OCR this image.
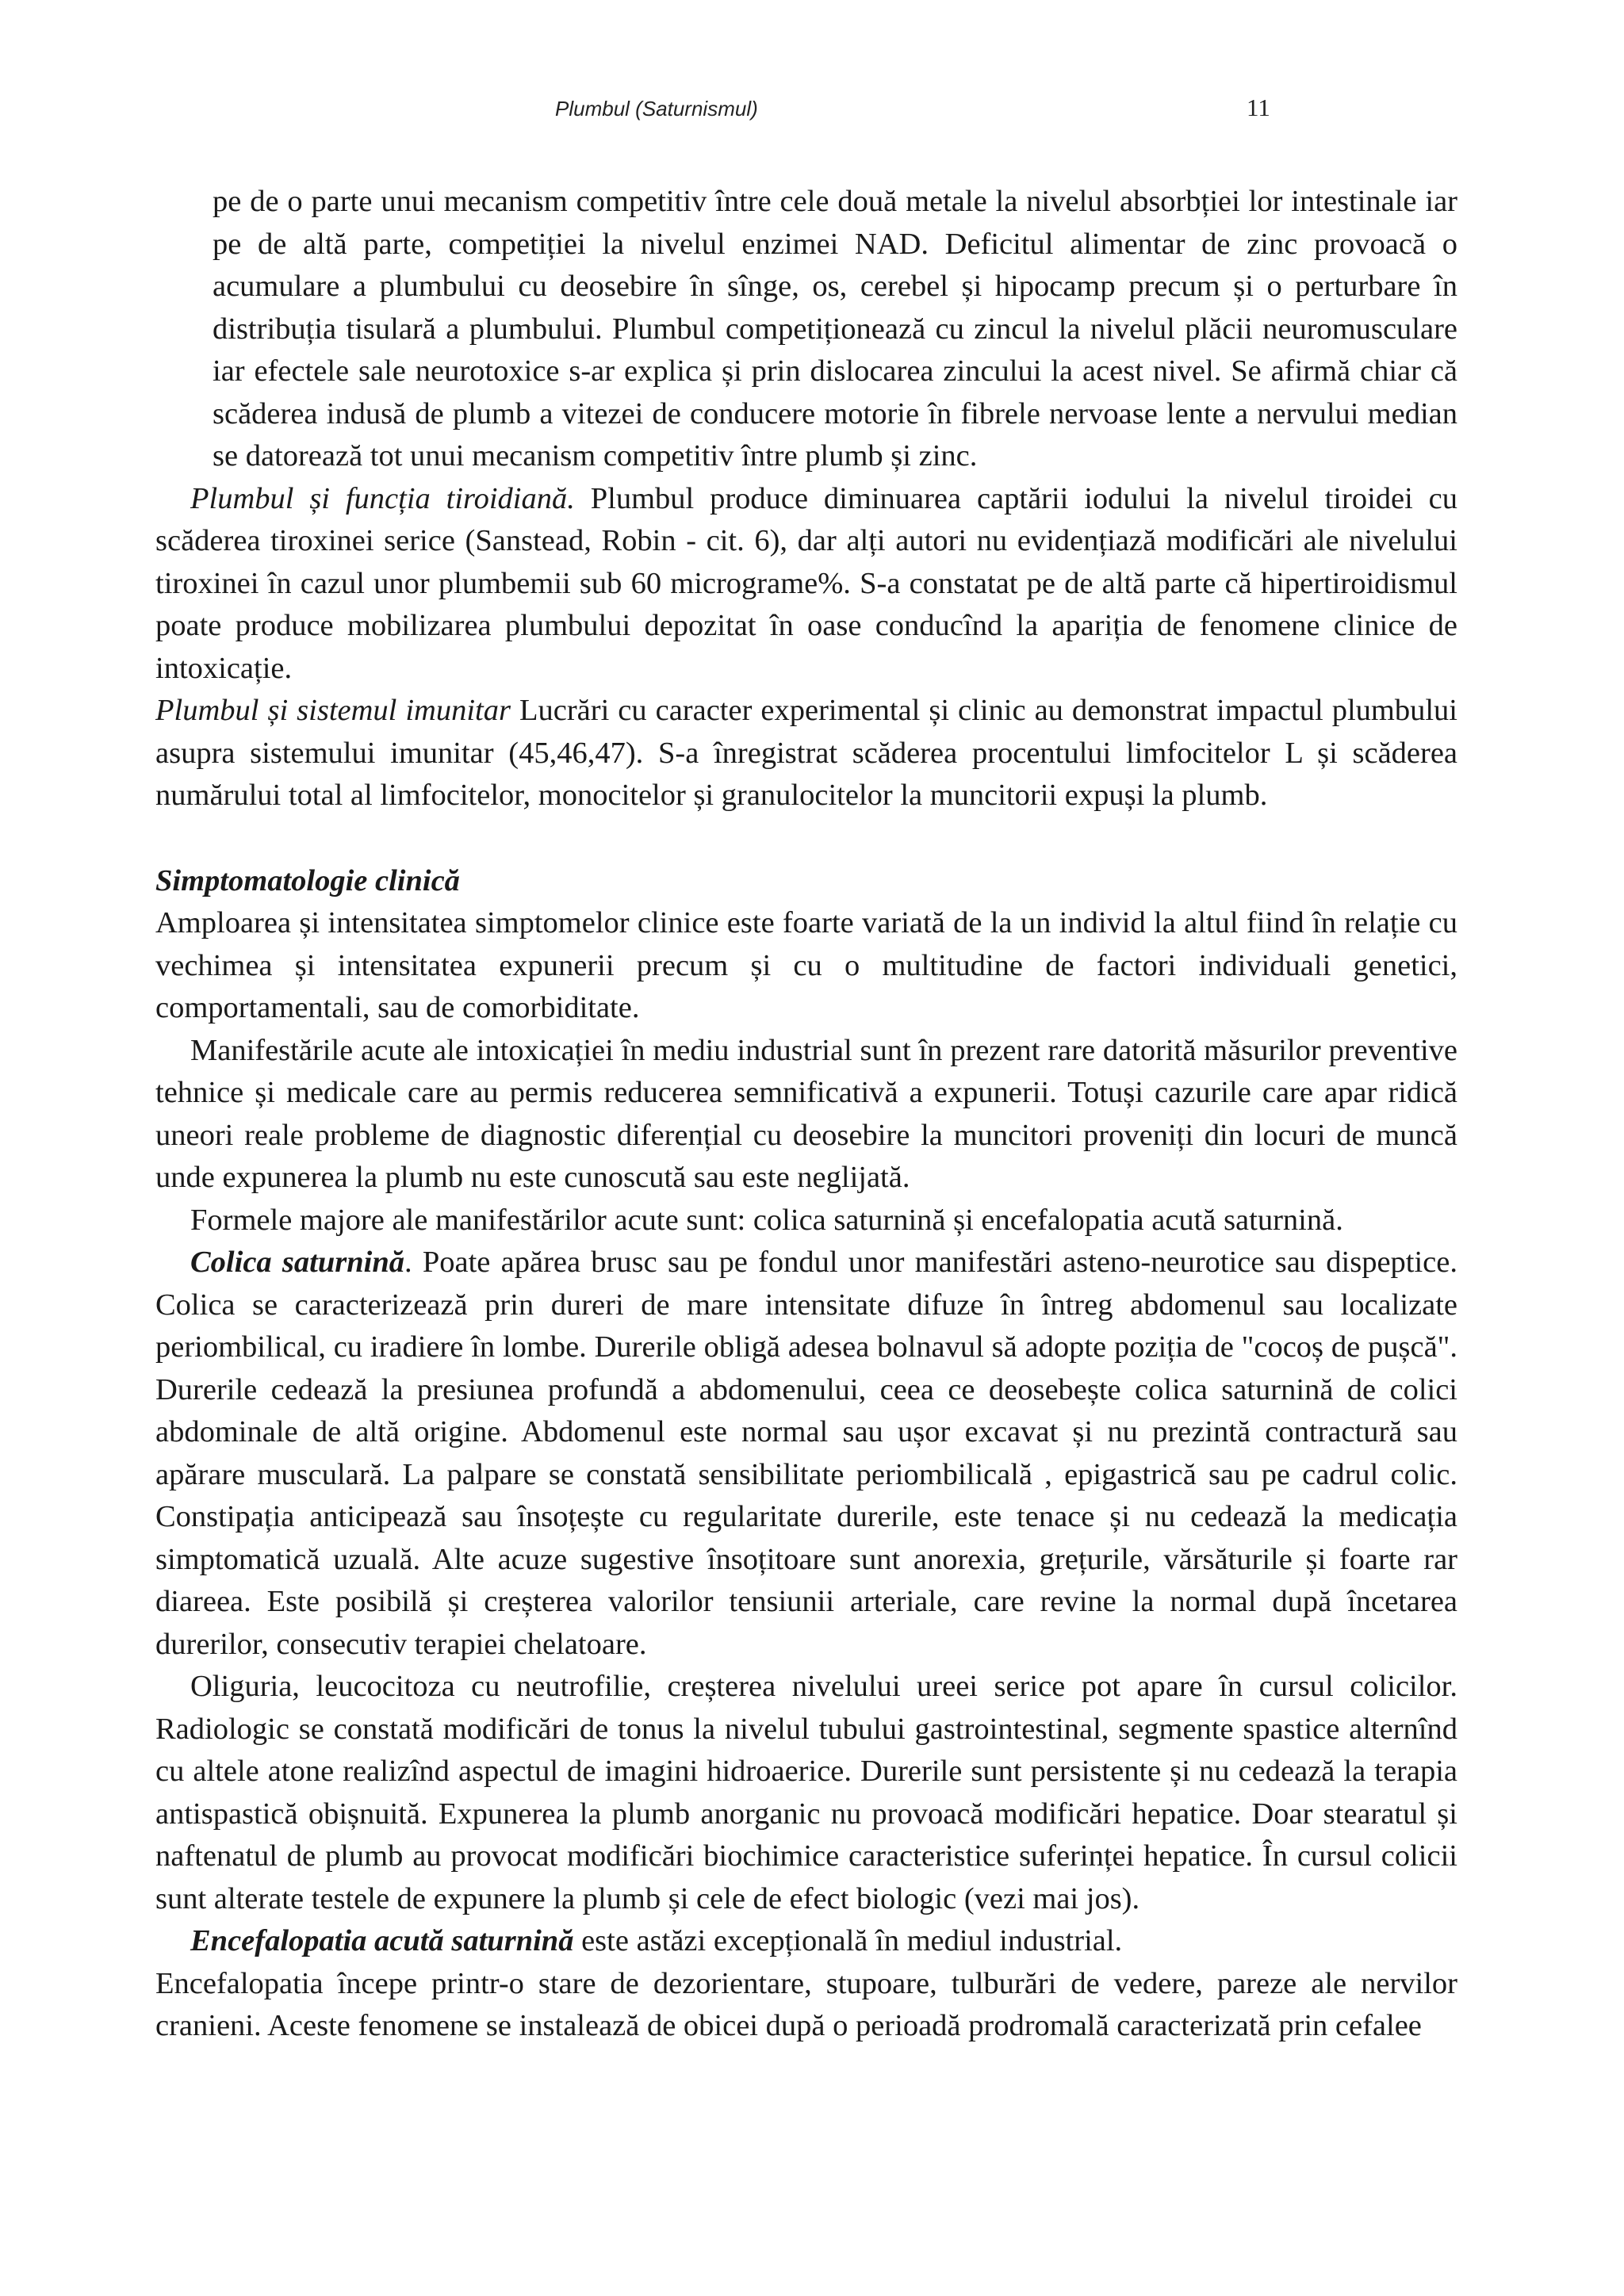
Plumbul (Saturnismul)	11

pe de o parte unui mecanism competitiv între cele două metale la nivelul absorbției lor intestinale iar pe de altă parte, competiției la nivelul enzimei NAD. Deficitul alimentar de zinc provoacă o acumulare a plumbului cu deosebire în sînge, os, cerebel și hipocamp precum și o perturbare în distribuția tisulară a plumbului. Plumbul competiționează cu zincul la nivelul plăcii neuromusculare iar efectele sale neurotoxice s-ar explica și prin dislocarea zincului la acest nivel. Se afirmă chiar că scăderea indusă de plumb a vitezei de conducere motorie în fibrele nervoase lente a nervului median se datorează tot unui mecanism competitiv între plumb și zinc.

Plumbul și funcția tiroidiană. Plumbul produce diminuarea captării iodului la nivelul tiroidei cu scăderea tiroxinei serice (Sanstead, Robin - cit. 6), dar alți autori nu evidențiază modificări ale nivelului tiroxinei în cazul unor plumbemii sub 60 micrograme%. S-a constatat pe de altă parte că hipertiroidismul poate produce mobilizarea plumbului depozitat în oase conducînd la apariția de fenomene clinice de intoxicație.

Plumbul și sistemul imunitar Lucrări cu caracter experimental și clinic au demonstrat impactul plumbului asupra sistemului imunitar (45,46,47). S-a înregistrat scăderea procentului limfocitelor L și scăderea numărului total al limfocitelor, monocitelor și granulocitelor la muncitorii expuși la plumb.

Simptomatologie clinică

Amploarea și intensitatea simptomelor clinice este foarte variată de la un individ la altul fiind în relație cu vechimea și intensitatea expunerii precum și cu o multitudine de factori individuali genetici, comportamentali, sau de comorbiditate.

Manifestările acute ale intoxicației în mediu industrial sunt în prezent rare datorită măsurilor preventive tehnice și medicale care au permis reducerea semnificativă a expunerii. Totuși cazurile care apar ridică uneori reale probleme de diagnostic diferențial cu deosebire la muncitori proveniți din locuri de muncă unde expunerea la plumb nu este cunoscută sau este neglijată.

Formele majore ale manifestărilor acute sunt: colica saturnină și encefalopatia acută saturnină.

Colica saturnină. Poate apărea brusc sau pe fondul unor manifestări asteno-neurotice sau dispeptice. Colica se caracterizează prin dureri de mare intensitate difuze în întreg abdomenul sau localizate periombilical, cu iradiere în lombe. Durerile obligă adesea bolnavul să adopte poziția de "cocoș de pușcă". Durerile cedează la presiunea profundă a abdomenului, ceea ce deosebește colica saturnină de colici abdominale de altă origine. Abdomenul este normal sau ușor excavat și nu prezintă contractură sau apărare musculară. La palpare se constată sensibilitate periombilicală , epigastrică sau pe cadrul colic. Constipația anticipează sau însoțește cu regularitate durerile, este tenace și nu cedează la medicația simptomatică uzuală. Alte acuze sugestive însoțitoare sunt anorexia, grețurile, vărsăturile și foarte rar diareea. Este posibilă și creșterea valorilor tensiunii arteriale, care revine la normal după încetarea durerilor, consecutiv terapiei chelatoare.

Oliguria, leucocitoza cu neutrofilie, creșterea nivelului ureei serice pot apare în cursul colicilor. Radiologic se constată modificări de tonus la nivelul tubului gastrointestinal, segmente spastice alternînd cu altele atone realizînd aspectul de imagini hidroaerice. Durerile sunt persistente și nu cedează la terapia antispastică obișnuită. Expunerea la plumb anorganic nu provoacă modificări hepatice. Doar stearatul și naftenatul de plumb au provocat modificări biochimice caracteristice suferinței hepatice. În cursul colicii sunt alterate testele de expunere la plumb și cele de efect biologic (vezi mai jos).

Encefalopatia acută saturnină este astăzi excepțională în mediul industrial.

Encefalopatia începe printr-o stare de dezorientare, stupoare, tulburări de vedere, pareze ale nervilor cranieni. Aceste fenomene se instalează de obicei după o perioadă prodromală caracterizată prin cefalee
